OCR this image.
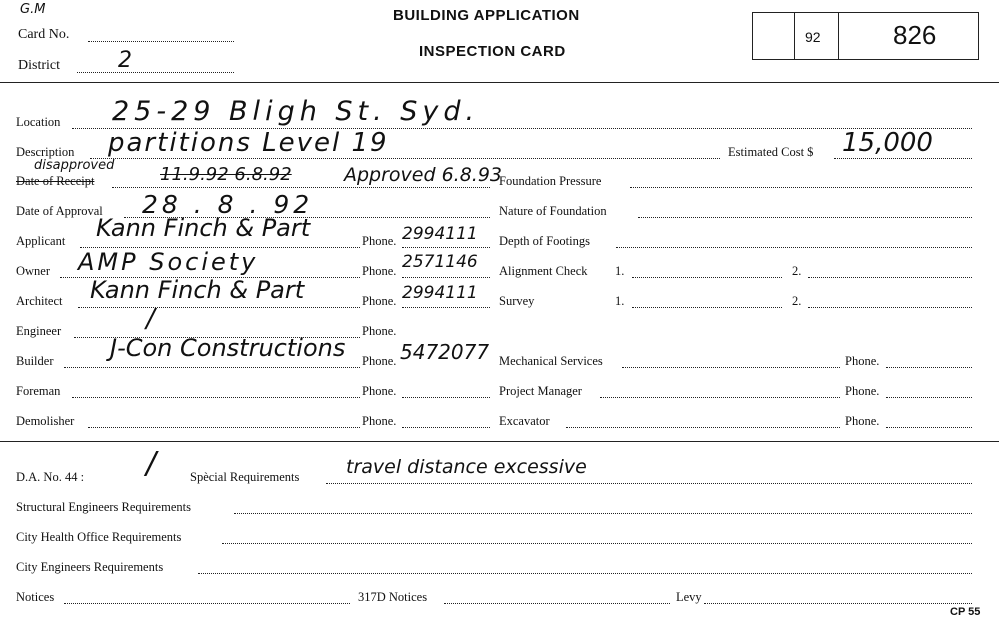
G.M
Card No.
District	2
BUILDING APPLICATION
INSPECTION CARD
92	826
Location 25-29 Bligh St. Syd.
Description partitions Level 19	Estimated Cost $ 15,000
disapproved
Date of Receipt	11.9.92 6.8.92	Approved 6.8.93
Date of Approval 28 . 8 . 92
Applicant Kann Finch & Part	Phone. 2994111
Owner AMP Society	Phone. 2571146
Architect Kann Finch & Part	Phone. 2994111
Engineer	/	Phone.
Builder J-Con Constructions Phone. 5472077
Foreman	Phone.
Demolisher	Phone.
Foundation Pressure
Nature of Foundation
Depth of Footings
Alignment Check 1.	2.
Survey	1.	2.
Mechanical Services	Phone.
Project Manager	Phone.
Excavator	Phone.
D.A. No. 44 : /	Spècial Requirements travel distance excessive
Structural Engineers Requirements
City Health Office Requirements
City Engineers Requirements
Notices	317D Notices	Levy
CP 55
